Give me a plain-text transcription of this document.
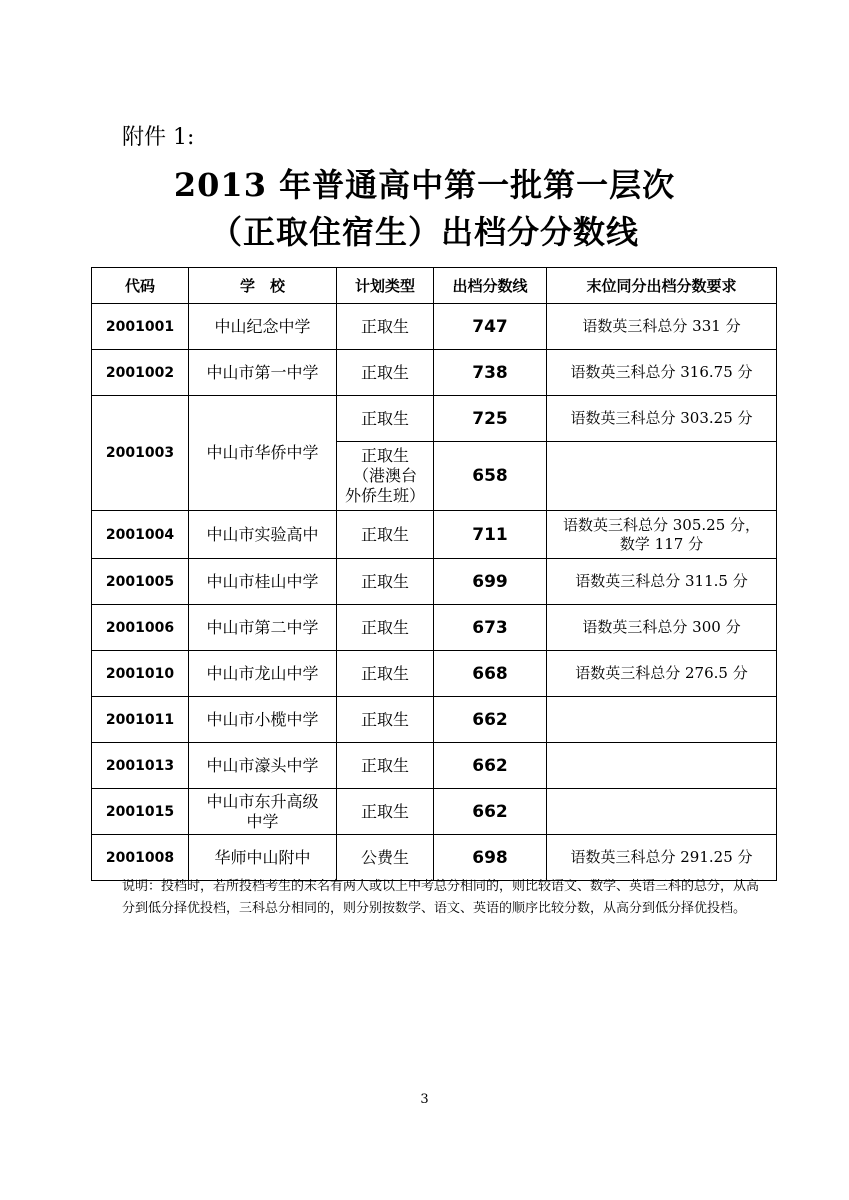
附件 1:
2013 年普通高中第一批第一层次
（正取住宿生）出档分分数线
代码	学　校	计划类型	出档分数线	末位同分出档分数要求
2001001	中山纪念中学	正取生	747	语数英三科总分 331 分
2001002	中山市第一中学	正取生	738	语数英三科总分 316.75 分
2001003	中山市华侨中学	正取生	725	语数英三科总分 303.25 分
		正取生
（港澳台
外侨生班）	658	
2001004	中山市实验高中	正取生	711	语数英三科总分 305.25 分，
数学 117 分
2001005	中山市桂山中学	正取生	699	语数英三科总分 311.5 分
2001006	中山市第二中学	正取生	673	语数英三科总分 300 分
2001010	中山市龙山中学	正取生	668	语数英三科总分 276.5 分
2001011	中山市小榄中学	正取生	662	
2001013	中山市濠头中学	正取生	662	
2001015	中山市东升高级
中学	正取生	662	
2001008	华师中山附中	公费生	698	语数英三科总分 291.25 分
说明：投档时，若所投档考生的末名有两人或以上中考总分相同的，则比较语文、数学、英语三科的总分，从高分到低分择优投档，三科总分相同的，则分别按数学、语文、英语的顺序比较分数，从高分到低分择优投档。
3
